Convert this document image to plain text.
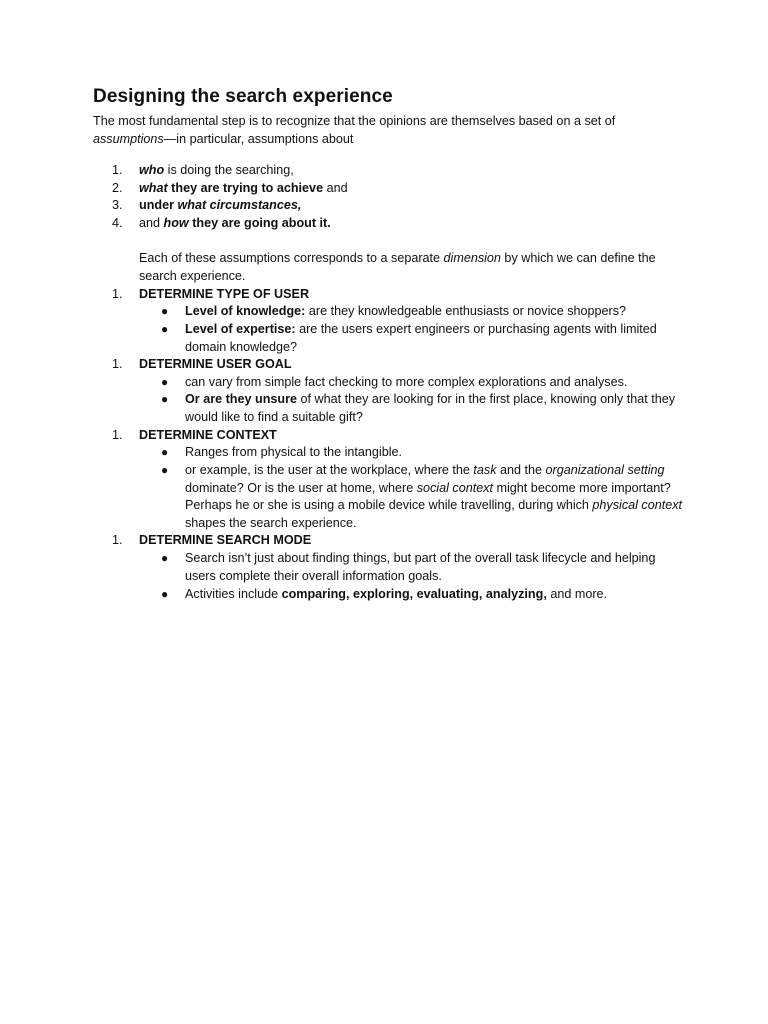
Designing the search experience
The most fundamental step is to recognize that the opinions are themselves based on a set of
assumptions—in particular, assumptions about
1. who is doing the searching,
2. what they are trying to achieve and
3. under what circumstances,
4. and how they are going about it.
Each of these assumptions corresponds to a separate dimension by which we can define the search experience.
1. DETERMINE TYPE OF USER
● Level of knowledge: are they knowledgeable enthusiasts or novice shoppers?
● Level of expertise: are the users expert engineers or purchasing agents with limited domain knowledge?
1. DETERMINE USER GOAL
● can vary from simple fact checking to more complex explorations and analyses.
● Or are they unsure of what they are looking for in the first place, knowing only that they would like to find a suitable gift?
1. DETERMINE CONTEXT
● Ranges from physical to the intangible.
● or example, is the user at the workplace, where the task and the organizational setting dominate? Or is the user at home, where social context might become more important? Perhaps he or she is using a mobile device while travelling, during which physical context shapes the search experience.
1. DETERMINE SEARCH MODE
● Search isn’t just about finding things, but part of the overall task lifecycle and helping users complete their overall information goals.
● Activities include comparing, exploring, evaluating, analyzing, and more.
